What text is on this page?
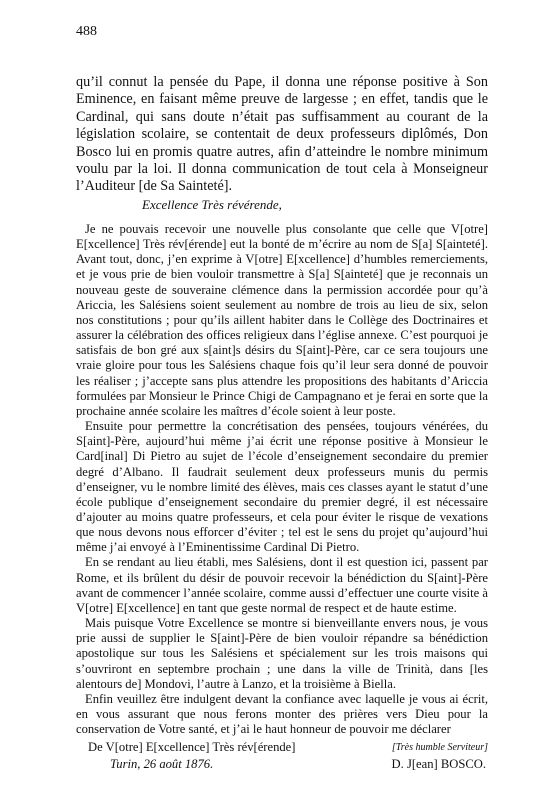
488

qu’il connut la pensée du Pape, il donna une réponse positive à Son Eminence, en faisant même preuve de largesse ; en effet, tandis que le Cardinal, qui sans doute n’était pas suffisamment au courant de la législation scolaire, se contentait de deux professeurs diplômés, Don Bosco lui en promis quatre autres, afin d’atteindre le nombre minimum voulu par la loi. Il donna communication de tout cela à Monseigneur l’Auditeur [de Sa Sainteté].

Excellence Très révérende,

Je ne pouvais recevoir une nouvelle plus consolante que celle que V[otre] E[xcellence] Très rév[érende] eut la bonté de m’écrire au nom de S[a] S[ainteté]. Avant tout, donc, j’en exprime à V[otre] E[xcellence] d’humbles remerciements, et je vous prie de bien vouloir transmettre à S[a] S[ainteté] que je reconnais un nouveau geste de souveraine clémence dans la permission accordée pour qu’à Ariccia, les Salésiens soient seulement au nombre de trois au lieu de six, selon nos constitutions ; pour qu’ils aillent habiter dans le Collège des Doctrinaires et assurer la célébration des offices religieux dans l’église annexe. C’est pourquoi je satisfais de bon gré aux s[aint]s désirs du S[aint]-Père, car ce sera toujours une vraie gloire pour tous les Salésiens chaque fois qu’il leur sera donné de pouvoir les réaliser ; j’accepte sans plus attendre les propositions des habitants d’Ariccia formulées par Monsieur le Prince Chigi de Campagnano et je ferai en sorte que la prochaine année scolaire les maîtres d’école soient à leur poste.

Ensuite pour permettre la concrétisation des pensées, toujours vénérées, du S[aint]-Père, aujourd’hui même j’ai écrit une réponse positive à Monsieur le Card[inal] Di Pietro au sujet de l’école d’enseignement secondaire du premier degré d’Albano. Il faudrait seulement deux professeurs munis du permis d’enseigner, vu le nombre limité des élèves, mais ces classes ayant le statut d’une école publique d’enseignement secondaire du premier degré, il est nécessaire d’ajouter au moins quatre professeurs, et cela pour éviter le risque de vexations que nous devons nous efforcer d’éviter ; tel est le sens du projet qu’aujourd’hui même j’ai envoyé à l’Eminentissime Cardinal Di Pietro.

En se rendant au lieu établi, mes Salésiens, dont il est question ici, passent par Rome, et ils brûlent du désir de pouvoir recevoir la bénédiction du S[aint]-Père avant de commencer l’année scolaire, comme aussi d’effectuer une courte visite à V[otre] E[xcellence] en tant que geste normal de respect et de haute estime.

Mais puisque Votre Excellence se montre si bienveillante envers nous, je vous prie aussi de supplier le S[aint]-Père de bien vouloir répandre sa bénédiction apostolique sur tous les Salésiens et spécialement sur les trois maisons qui s’ouvriront en septembre prochain ; une dans la ville de Trinità, dans [les alentours de] Mondovi, l’autre à Lanzo, et la troisième à Biella.

Enfin veuillez être indulgent devant la confiance avec laquelle je vous ai écrit, en vous assurant que nous ferons monter des prières vers Dieu pour la conservation de Votre santé, et j’ai le haut honneur de pouvoir me déclarer

De V[otre] E[xcellence] Très rév[érende]	[Très humble Serviteur]
Turin, 26 août 1876.	D. J[ean] BOSCO.
